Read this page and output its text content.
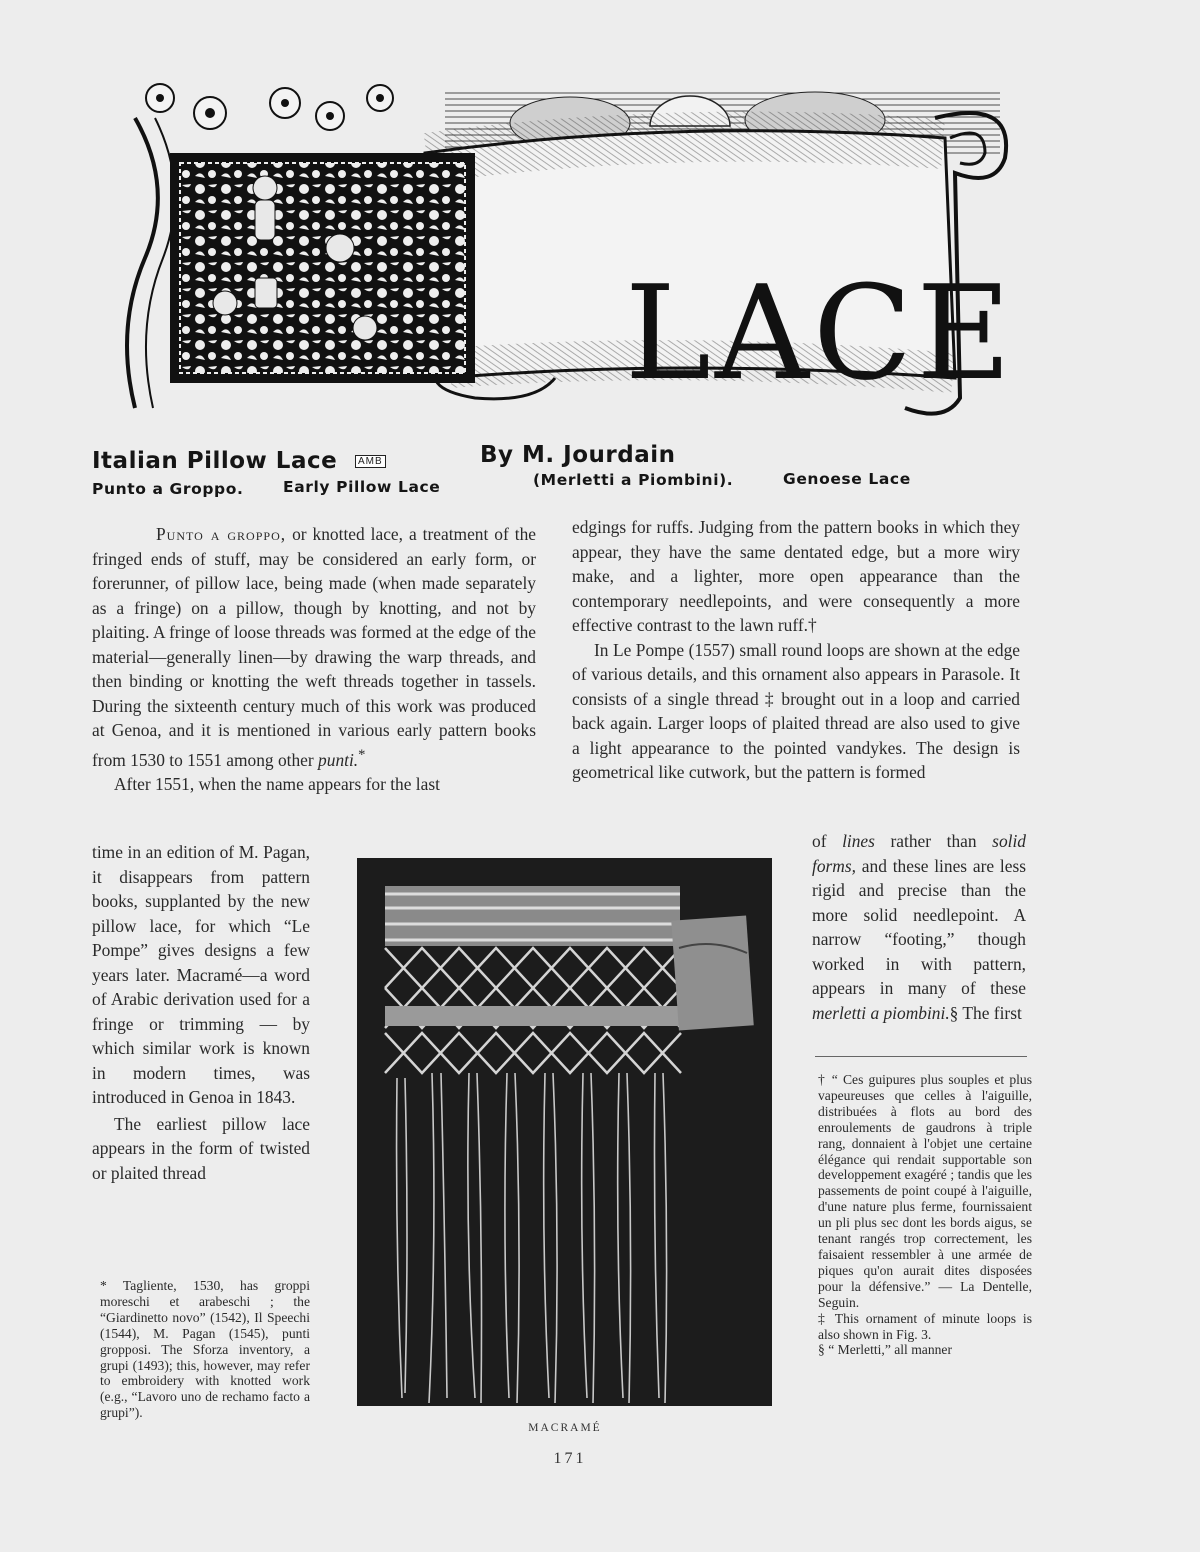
LACE
AMB
Italian Pillow Lace	By M. Jourdain
Punto a Groppo.	Early Pillow Lace	(Merletti a Piombini).	Genoese Lace

Punto a groppo, or knotted lace, a treatment of the fringed ends of stuff, may be considered an early form, or forerunner, of pillow lace, being made (when made separately as a fringe) on a pillow, though by knotting, and not by plaiting. A fringe of loose threads was formed at the edge of the material—generally linen—by drawing the warp threads, and then binding or knotting the weft threads together in tassels. During the sixteenth century much of this work was produced at Genoa, and it is mentioned in various early pattern books from 1530 to 1551 among other punti.*

After 1551, when the name appears for the last

time in an edition of M. Pagan, it disappears from pattern books, supplanted by the new pillow lace, for which “Le Pompe” gives designs a few years later. Macramé—a word of Arabic derivation used for a fringe or trimming — by which similar work is known in modern times, was introduced in Genoa in 1843.

The earliest pillow lace appears in the form of twisted or plaited thread

* Tagliente, 1530, has groppi moreschi et arabeschi ; the “Giardinetto novo” (1542), Il Speechi (1544), M. Pagan (1545), punti gropposi. The Sforza inventory, a grupi (1493); this, however, may refer to embroidery with knotted work (e.g., “Lavoro uno de rechamo facto a grupi”).

edgings for ruffs. Judging from the pattern books in which they appear, they have the same dentated edge, but a more wiry make, and a lighter, more open appearance than the contemporary needlepoints, and were consequently a more effective contrast to the lawn ruff.†

In Le Pompe (1557) small round loops are shown at the edge of various details, and this ornament also appears in Parasole. It consists of a single thread ‡ brought out in a loop and carried back again. Larger loops of plaited thread are also used to give a light appearance to the pointed vandykes. The design is geometrical like cutwork, but the pattern is formed

of lines rather than solid forms, and these lines are less rigid and precise than the more solid needlepoint. A narrow “footing,” though worked in with pattern, appears in many of these merletti a piombini.§ The first

† “ Ces guipures plus souples et plus vapeureuses que celles à l'aiguille, distribuées à flots au bord des enroulements de gaudrons à triple rang, donnaient à l'objet une certaine élégance qui rendait supportable son developpement exagéré ; tandis que les passements de point coupé à l'aiguille, d'une nature plus ferme, fournissaient un pli plus sec dont les bords aigus, se tenant rangés trop correctement, les faisaient ressembler à une armée de piques qu'on aurait dites disposées pour la défensive.” — La Dentelle, Seguin.

‡ This ornament of minute loops is also shown in Fig. 3.

§ “ Merletti,” all manner

MACRAMÉ
171
